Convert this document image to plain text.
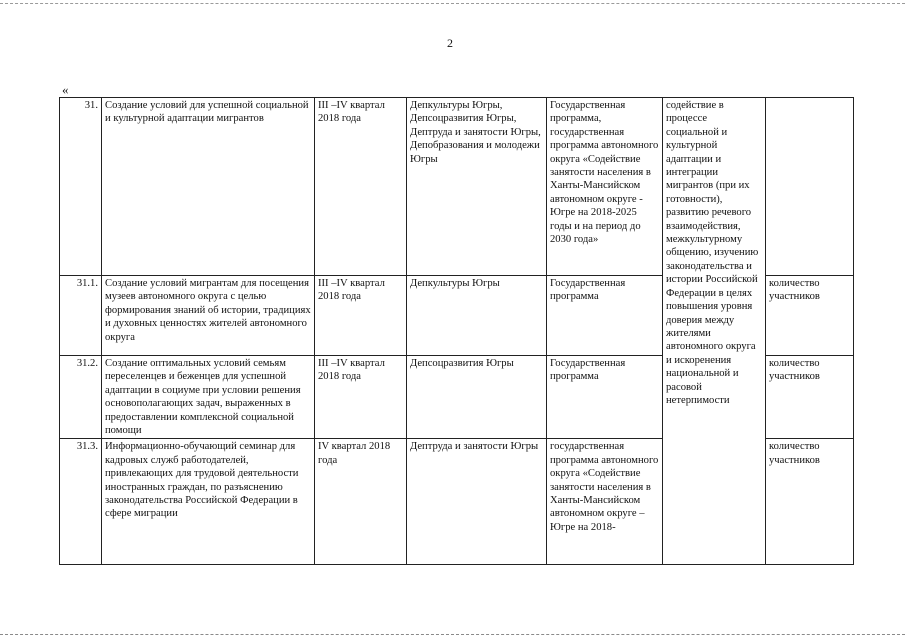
2
«
31.	Создание условий для успешной социальной и культурной адаптации мигрантов	III –IV квартал 2018 года	Депкультуры Югры, Депсоцразвития Югры, Дептруда и занятости Югры, Депобразования и молодежи Югры	Государственная программа, государственная программа автономного округа «Содействие занятости населения в Ханты-Мансийском автономном округе - Югре на 2018-2025 годы и на период до 2030 года»	содействие в процессе социальной и культурной адаптации и интеграции мигрантов (при их готовности), развитию речевого взаимодействия, межкультурному общению, изучению законодательства и истории Российской Федерации в целях повышения уровня доверия между жителями автономного округа и искоренения национальной и расовой нетерпимости	
31.1.	Создание условий мигрантам для посещения музеев автономного округа с целью формирования знаний об истории, традициях и духовных ценностях жителей автономного округа	III –IV квартал 2018 года	Депкультуры Югры	Государственная программа		количество участников
31.2.	Создание оптимальных условий семьям переселенцев и беженцев для успешной адаптации в социуме при условии решения основополагающих задач, выраженных в предоставлении комплексной социальной помощи	III –IV квартал 2018 года	Депсоцразвития Югры	Государственная программа		количество участников
31.3.	Информационно-обучающий семинар для кадровых служб работодателей, привлекающих для трудовой деятельности иностранных граждан, по разъяснению законодательства Российской Федерации в сфере миграции	IV квартал 2018 года	Дептруда и занятости Югры	государственная программа автономного округа «Содействие занятости населения в Ханты-Мансийском автономном округе – Югре на 2018-		количество участников
